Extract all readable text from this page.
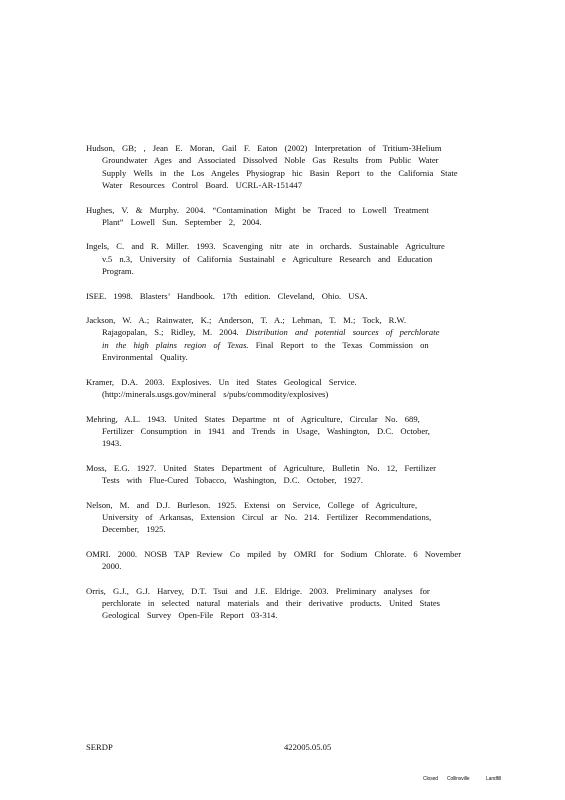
Hudson, GB; , Jean E. Moran, Gail F. Eaton (2002) Interpretation of Tritium-3Helium
Groundwater Ages and Associated Dissolved Noble Gas Results from Public Water
Supply Wells in the Los Angeles Physiograp hic Basin Report to the California State
Water Resources Control Board. UCRL-AR-151447

Hughes, V. & Murphy. 2004. “Contamination Might be Traced to Lowell Treatment
Plant” Lowell Sun. September 2, 2004.

Ingels, C. and R. Miller. 1993. Scavenging nitr ate in orchards. Sustainable Agriculture
v.5 n.3, University of California Sustainabl e Agriculture Research and Education
Program.

ISEE. 1998. Blasters’ Handbook. 17th edition. Cleveland, Ohio. USA.

Jackson, W. A.; Rainwater, K.; Anderson, T. A.; Lehman, T. M.; Tock, R.W.
Rajagopalan, S.; Ridley, M. 2004. Distribution and potential sources of perchlorate
in the high plains region of Texas. Final Report to the Texas Commission on
Environmental Quality.

Kramer, D.A. 2003. Explosives. Un ited States Geological Service.
(http://minerals.usgs.gov/mineral s/pubs/commodity/explosives)

Mehring, A.L. 1943. United States Departme nt of Agriculture, Circular No. 689,
Fertilizer Consumption in 1941 and Trends in Usage, Washington, D.C. October,
1943.

Moss, E.G. 1927. United States Department of Agriculture, Bulletin No. 12, Fertilizer
Tests with Flue-Cured Tobacco, Washington, D.C. October, 1927.

Nelson, M. and D.J. Burleson. 1925. Extensi on Service, College of Agriculture,
University of Arkansas, Extension Circul ar No. 214. Fertilizer Recommendations,
December, 1925.

OMRI. 2000. NOSB TAP Review Co mpiled by OMRI for Sodium Chlorate. 6 November
2000.

Orris, G.J., G.J. Harvey, D.T. Tsui and J.E. Eldrige. 2003. Preliminary analyses for
perchlorate in selected natural materials and their derivative products. United States
Geological Survey Open-File Report 03-314.

SERDP	422005.05.05
Closed Collinsville	Landfill
